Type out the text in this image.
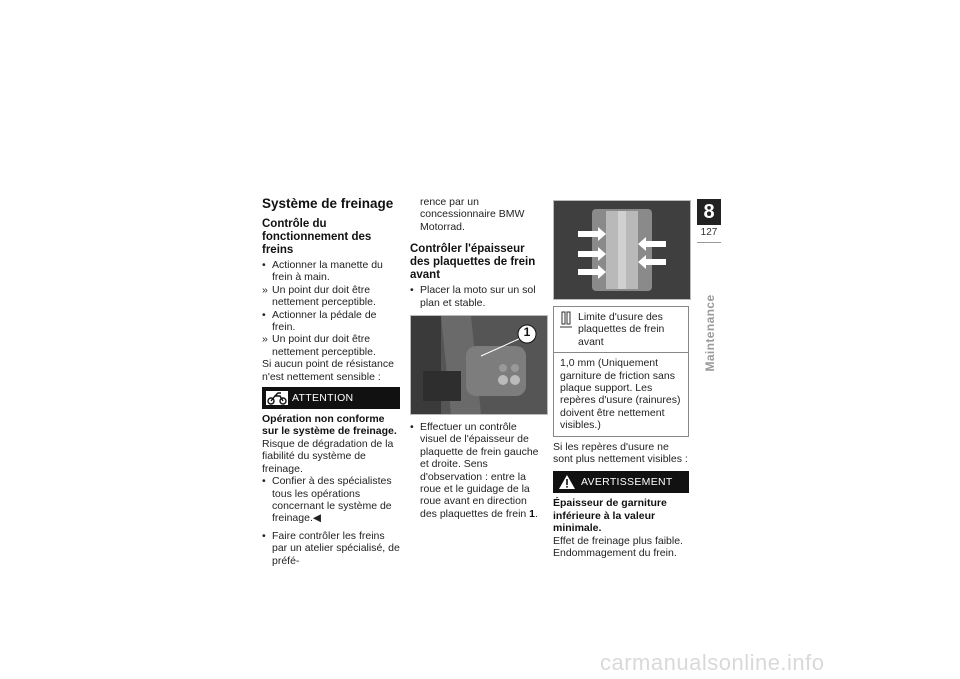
Système de freinage
Contrôle du fonctionnement des freins
• Actionner la manette du frein à main.
» Un point dur doit être nettement perceptible.
• Actionner la pédale de frein.
» Un point dur doit être nettement perceptible.

Si aucun point de résistance n'est nettement sensible :

ATTENTION

Opération non conforme sur le système de freinage.

Risque de dégradation de la fiabilité du système de freinage.

• Confier à des spécialistes tous les opérations concernant le système de freinage.◀
• Faire contrôler les freins par un atelier spécialisé, de préfé-

rence par un concessionnaire BMW Motorrad.

Contrôler l'épaisseur des plaquettes de frein avant
• Placer la moto sur un sol plan et stable.
1
• Effectuer un contrôle visuel de l'épaisseur de plaquette de frein gauche et droite. Sens d'observation : entre la roue et le guidage de la roue avant en direction des plaquettes de frein 1.
Limite d'usure des plaquettes de frein avant
1,0 mm (Uniquement garniture de friction sans plaque support. Les repères d'usure (rainures) doivent être nettement visibles.)

Si les repères d'usure ne sont plus nettement visibles :

AVERTISSEMENT

Épaisseur de garniture inférieure à la valeur minimale.

Effet de freinage plus faible. Endommagement du frein.

8
127
Maintenance
carmanualsonline.info
